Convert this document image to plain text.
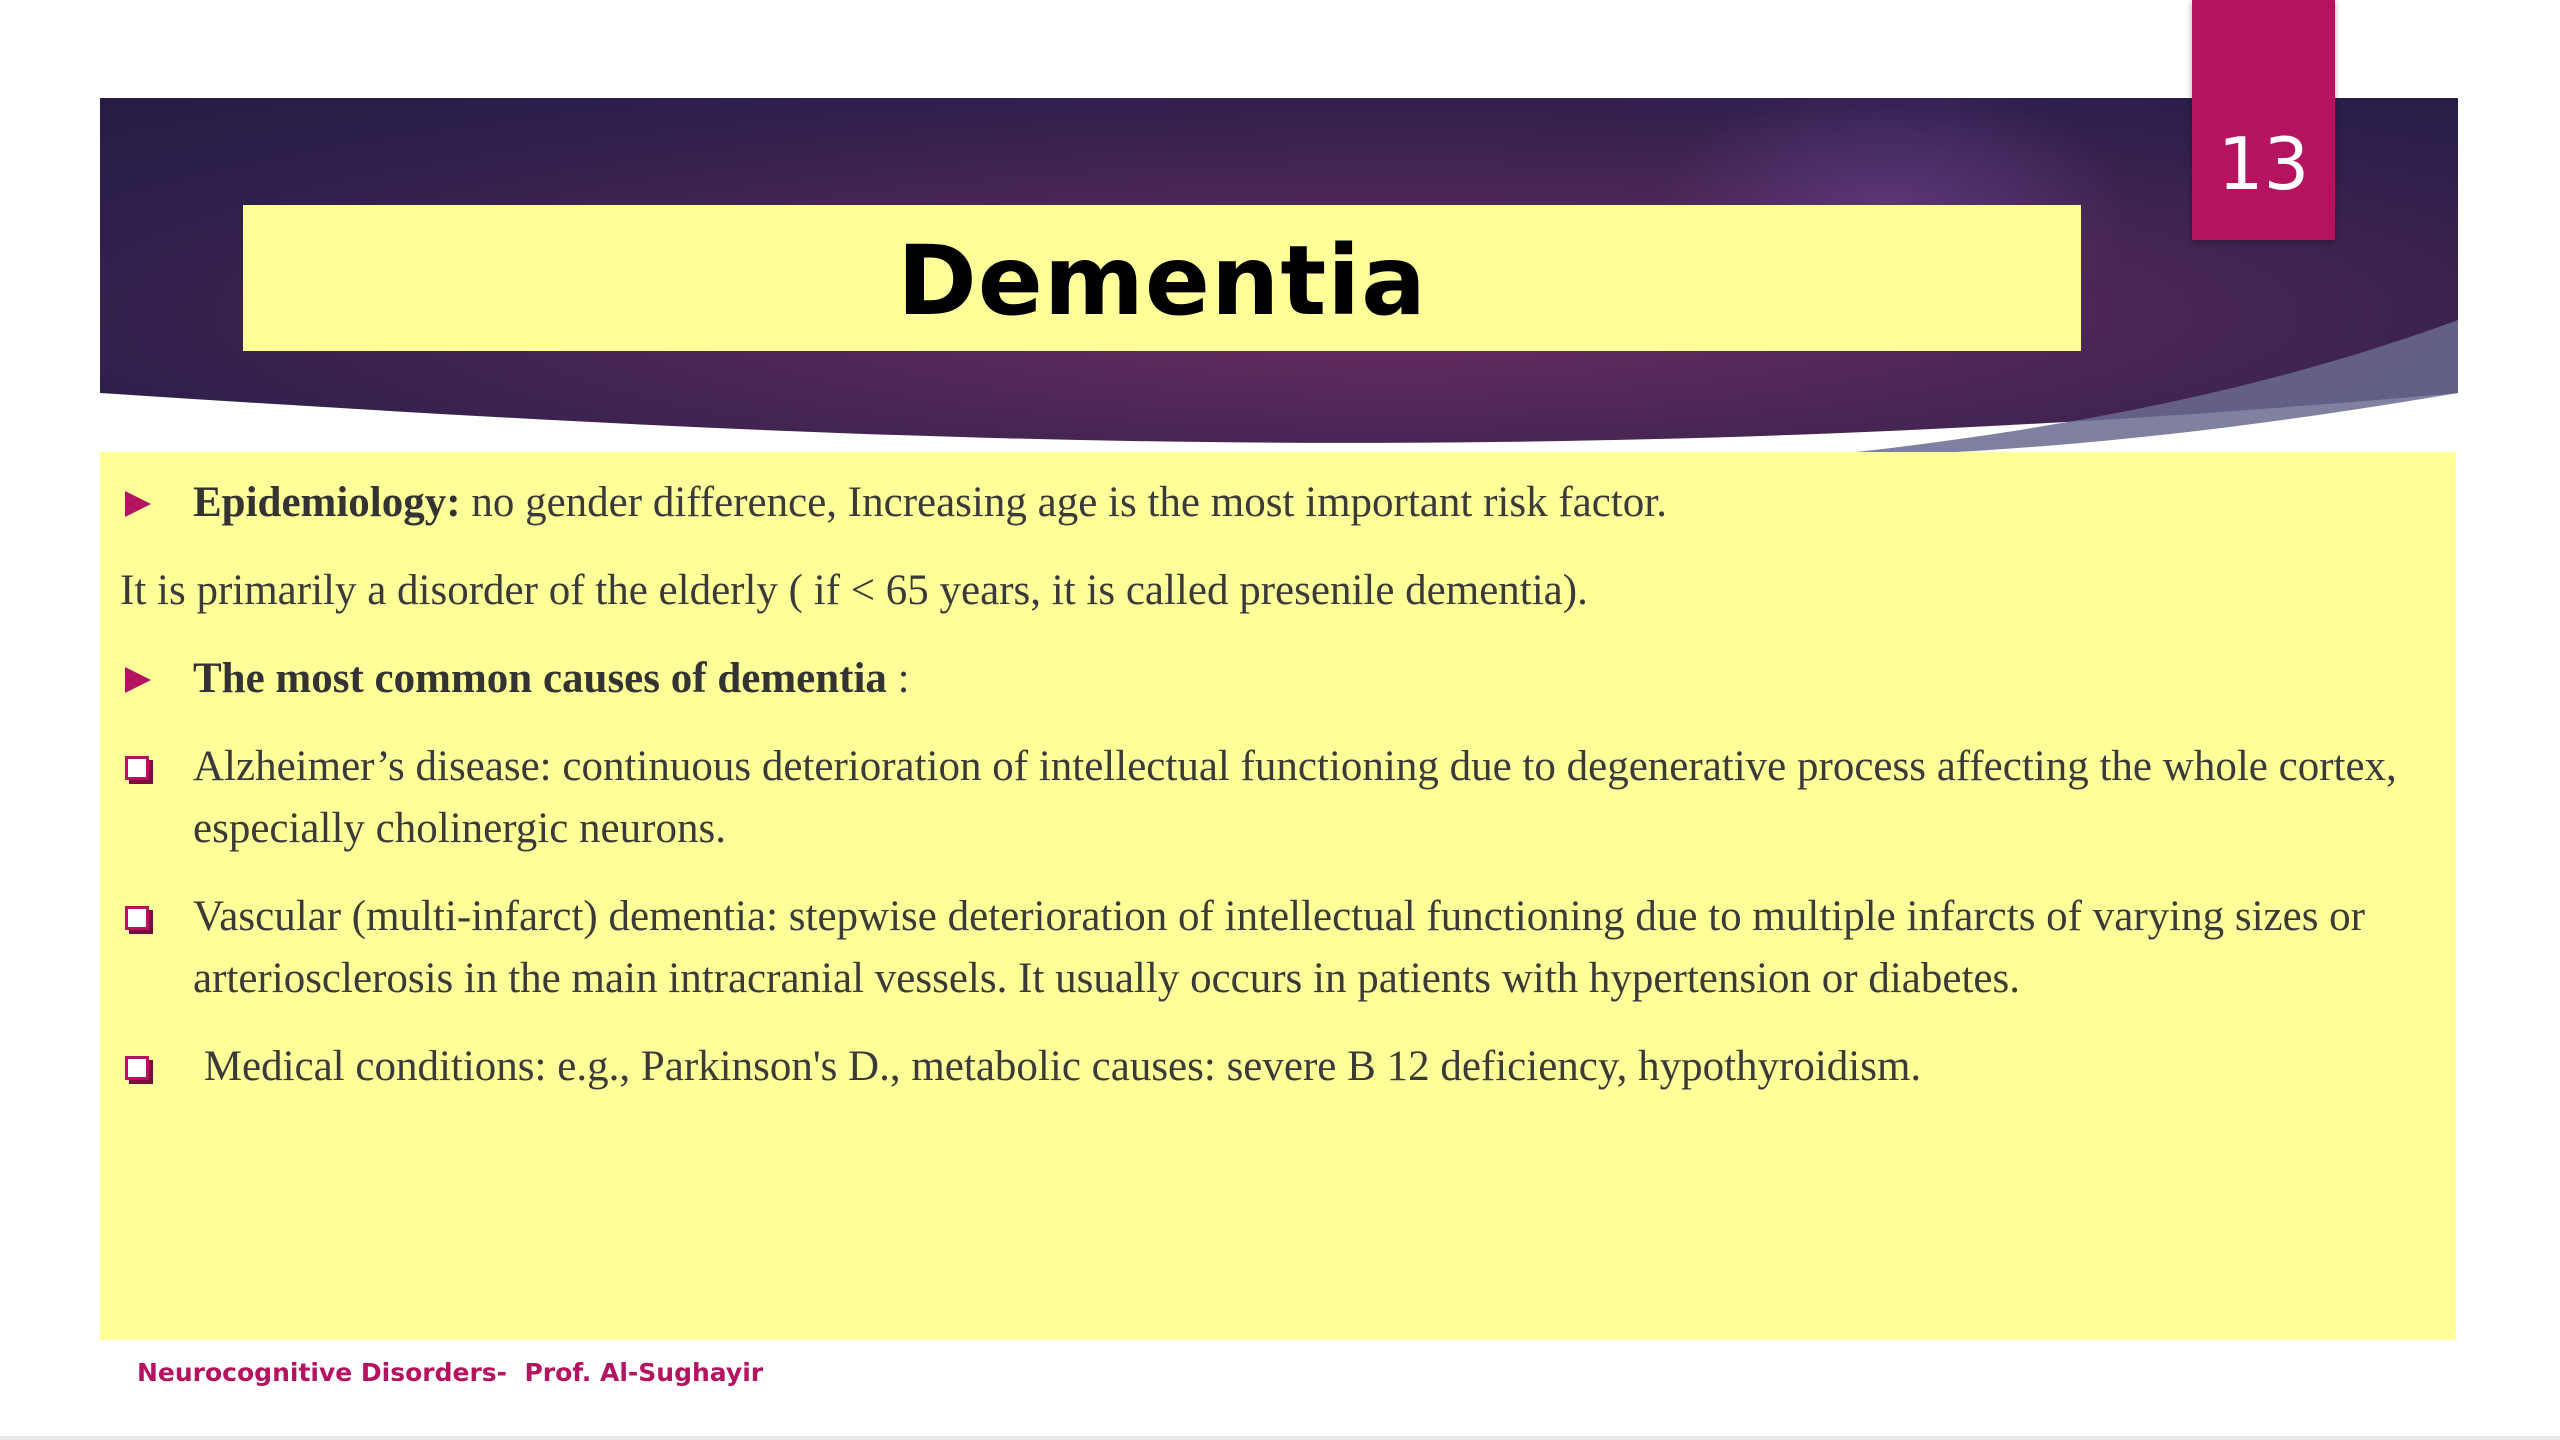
13
Dementia
Epidemiology: no gender difference, Increasing age is the most important risk factor.
It is primarily a disorder of the elderly ( if < 65 years, it is called presenile dementia).
The most common causes of dementia :
Alzheimer’s disease: continuous deterioration of intellectual functioning due to degenerative process affecting the whole cortex, especially cholinergic neurons.
Vascular (multi-infarct) dementia: stepwise deterioration of intellectual functioning due to multiple infarcts of varying sizes or arteriosclerosis in the main intracranial vessels. It usually occurs in patients with hypertension or diabetes.
Medical conditions: e.g., Parkinson's D., metabolic causes: severe B 12 deficiency, hypothyroidism.
Neurocognitive Disorders-  Prof. Al-Sughayir
